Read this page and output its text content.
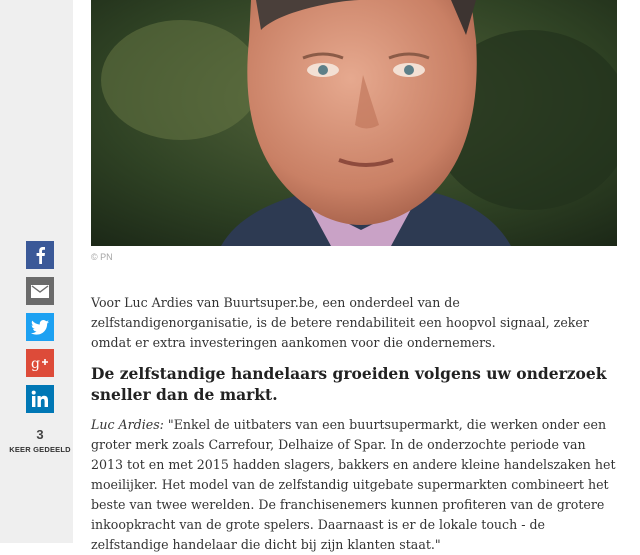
g
3
KEER GEDEELD
© PN

Voor Luc Ardies van Buurtsuper.be, een onderdeel van de zelfstandigenorganisatie, is de betere rendabiliteit een hoopvol signaal, zeker omdat er extra investeringen aankomen voor die ondernemers.

De zelfstandige handelaars groeiden volgens uw onderzoek sneller dan de markt.

Luc Ardies: "Enkel de uitbaters van een buurtsupermarkt, die werken onder een groter merk zoals Carrefour, Delhaize of Spar. In de onderzochte periode van 2013 tot en met 2015 hadden slagers, bakkers en andere kleine handelszaken het moeilijker. Het model van de zelfstandig uitgebate supermarkten combineert het beste van twee werelden. De franchisenemers kunnen profiteren van de grotere inkoopkracht van de grote spelers. Daarnaast is er de lokale touch - de zelfstandige handelaar die dicht bij zijn klanten staat."
